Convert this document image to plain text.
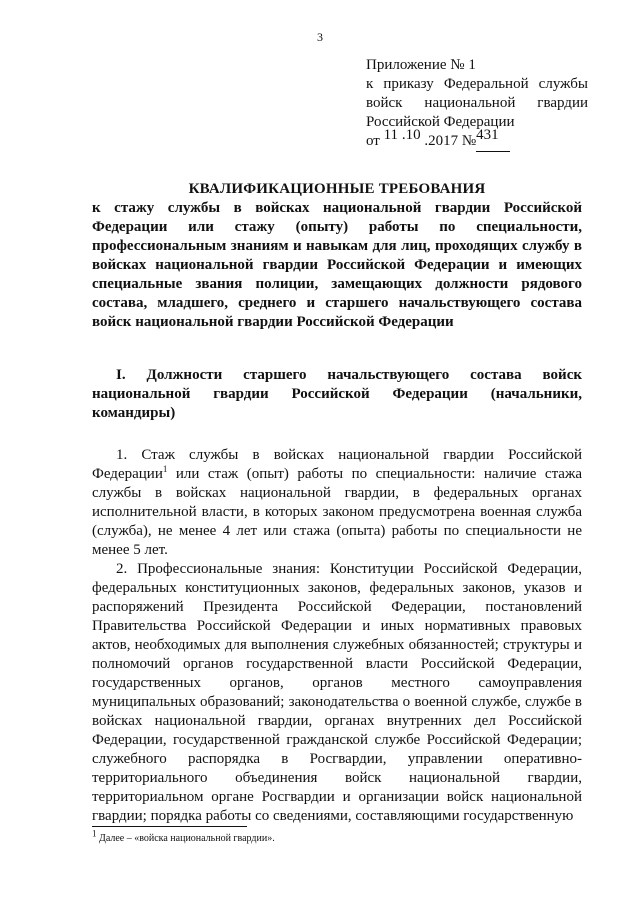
3
Приложение № 1
к приказу Федеральной службы
войск национальной гвардии
Российской Федерации
от 11 .10 .2017 №431
КВАЛИФИКАЦИОННЫЕ ТРЕБОВАНИЯ
к стажу службы в войсках национальной гвардии Российской Федерации или стажу (опыту) работы по специальности, профессиональным знаниям и навыкам для лиц, проходящих службу в войсках национальной гвардии Российской Федерации и имеющих специальные звания полиции, замещающих должности рядового состава, младшего, среднего и старшего начальствующего состава войск национальной гвардии Российской Федерации
I. Должности старшего начальствующего состава войск национальной гвардии Российской Федерации (начальники, командиры)

1. Стаж службы в войсках национальной гвардии Российской Федерации$^1$ или стаж (опыт) работы по специальности: наличие стажа службы в войсках национальной гвардии, в федеральных органах исполнительной власти, в которых законом предусмотрена военная служба (служба), не менее 4 лет или стажа (опыта) работы по специальности не менее 5 лет.

2. Профессиональные знания: Конституции Российской Федерации, федеральных конституционных законов, федеральных законов, указов и распоряжений Президента Российской Федерации, постановлений Правительства Российской Федерации и иных нормативных правовых актов, необходимых для выполнения служебных обязанностей; структуры и полномочий органов государственной власти Российской Федерации, государственных органов, органов местного самоуправления муниципальных образований; законодательства о военной службе, службе в войсках национальной гвардии, органах внутренних дел Российской Федерации, государственной гражданской службе Российской Федерации; служебного распорядка в Росгвардии, управлении оперативно-территориального объединения войск национальной гвардии, территориальном органе Росгвардии и организации войск национальной гвардии; порядка работы со сведениями, составляющими государственную

$^1$ Далее – «войска национальной гвардии».
